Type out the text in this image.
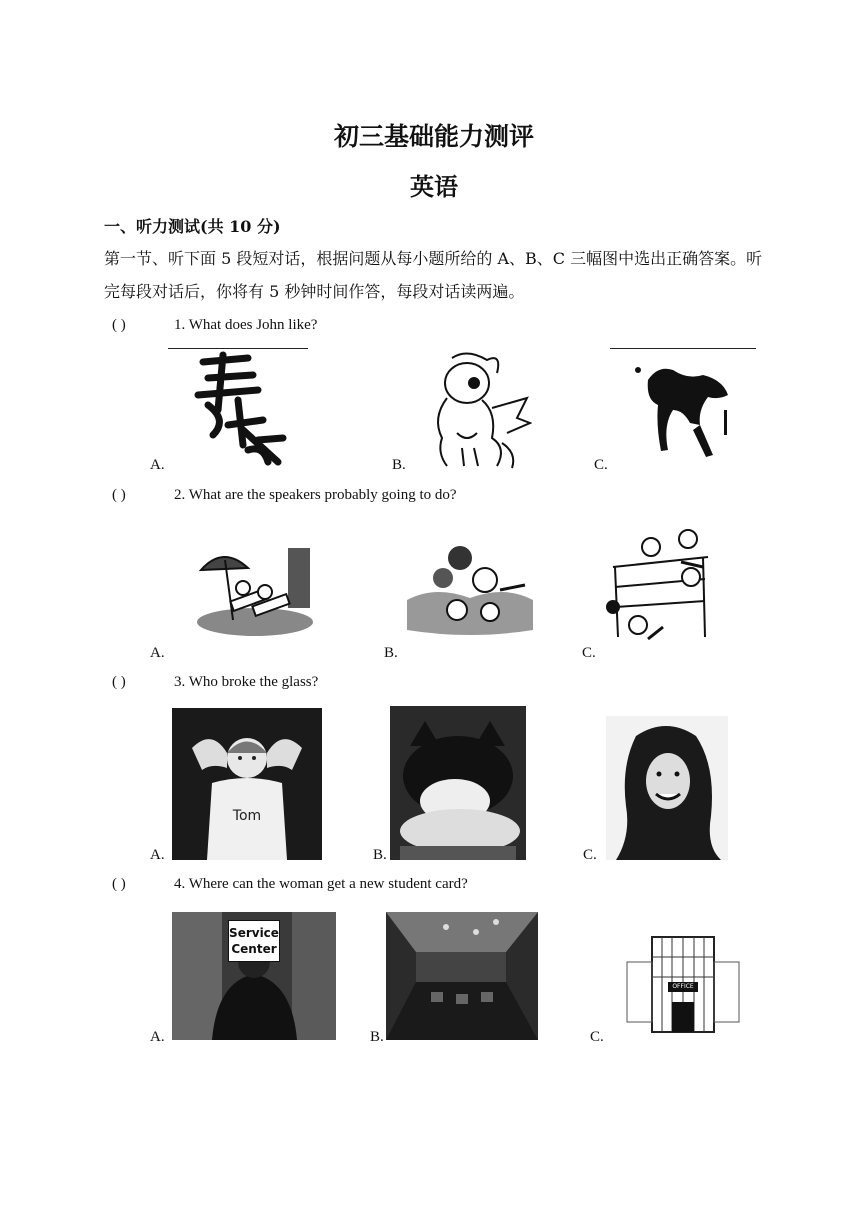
初三基础能力测评
英语
一、听力测试(共 10 分)
第一节、听下面 5 段短对话，根据问题从每小题所给的 A、B、C 三幅图中选出正确答案。听
完每段对话后，你将有 5 秒钟时间作答，每段对话读两遍。
( )	1. What does John like?
A.	B.	C.
( )	2. What are the speakers probably going to do?
A.	B.	C.
( )	3. Who broke the glass?
Tom
A.	B.	C.
( )	4. Where can the woman get a new student card?
Service
Center
A.	B.
OFFICE
C.
